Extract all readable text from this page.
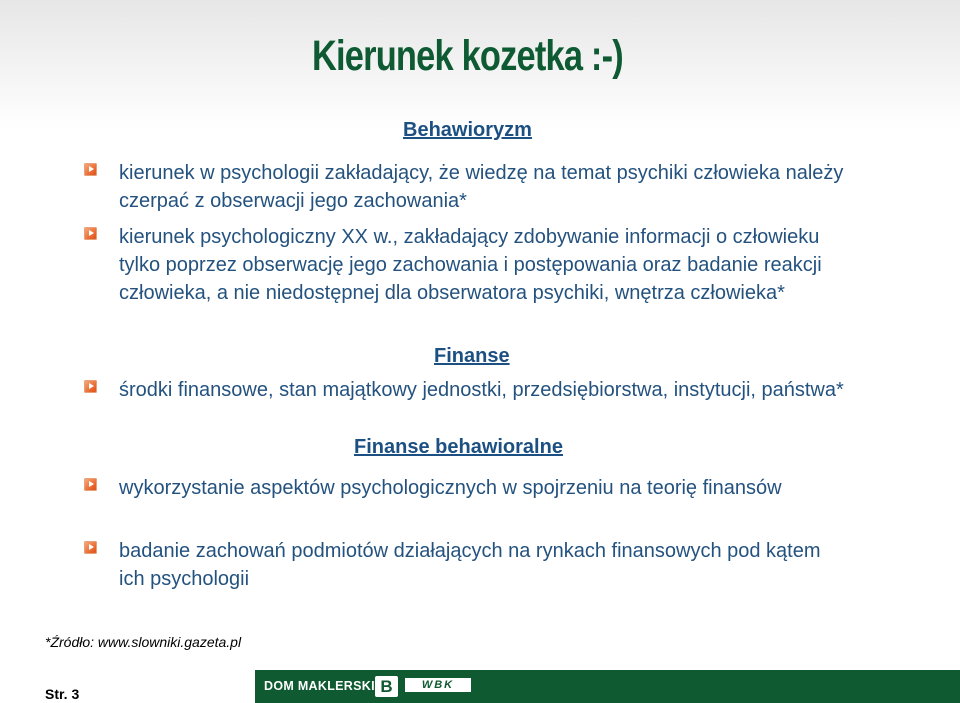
Kierunek kozetka :-)
Behawioryzm
kierunek w psychologii zakładający, że wiedzę na temat psychiki człowieka należy czerpać z obserwacji jego zachowania*
kierunek psychologiczny XX w., zakładający zdobywanie informacji o człowieku tylko poprzez obserwację jego zachowania i postępowania oraz badanie reakcji człowieka, a nie niedostępnej dla obserwatora psychiki, wnętrza człowieka*
Finanse
środki finansowe, stan majątkowy jednostki, przedsiębiorstwa, instytucji, państwa*
Finanse behawioralne
wykorzystanie aspektów psychologicznych w spojrzeniu na teorię finansów
badanie zachowań podmiotów działających na rynkach finansowych pod kątem ich psychologii
*Źródło: www.slowniki.gazeta.pl
Str. 3	DOM MAKLERSKI B	WBK
